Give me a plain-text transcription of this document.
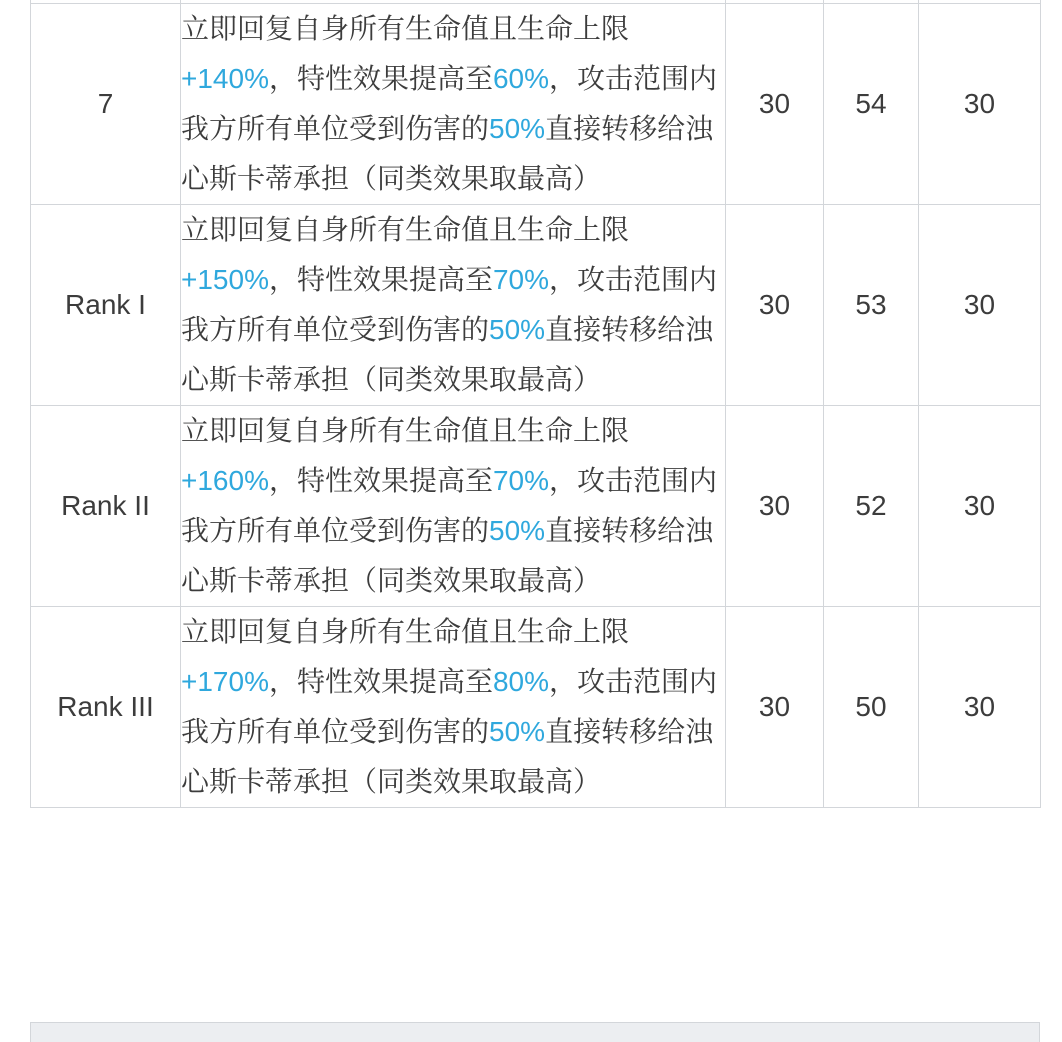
7	立即回复自身所有生命值且生命上限+140%，特性效果提高至60%，攻击范围内我方所有单位受到伤害的50%直接转移给浊心斯卡蒂承担（同类效果取最高）	30	54	30
Rank I	立即回复自身所有生命值且生命上限+150%，特性效果提高至70%，攻击范围内我方所有单位受到伤害的50%直接转移给浊心斯卡蒂承担（同类效果取最高）	30	53	30
Rank II	立即回复自身所有生命值且生命上限+160%，特性效果提高至70%，攻击范围内我方所有单位受到伤害的50%直接转移给浊心斯卡蒂承担（同类效果取最高）	30	52	30
Rank III	立即回复自身所有生命值且生命上限+170%，特性效果提高至80%，攻击范围内我方所有单位受到伤害的50%直接转移给浊心斯卡蒂承担（同类效果取最高）	30	50	30
